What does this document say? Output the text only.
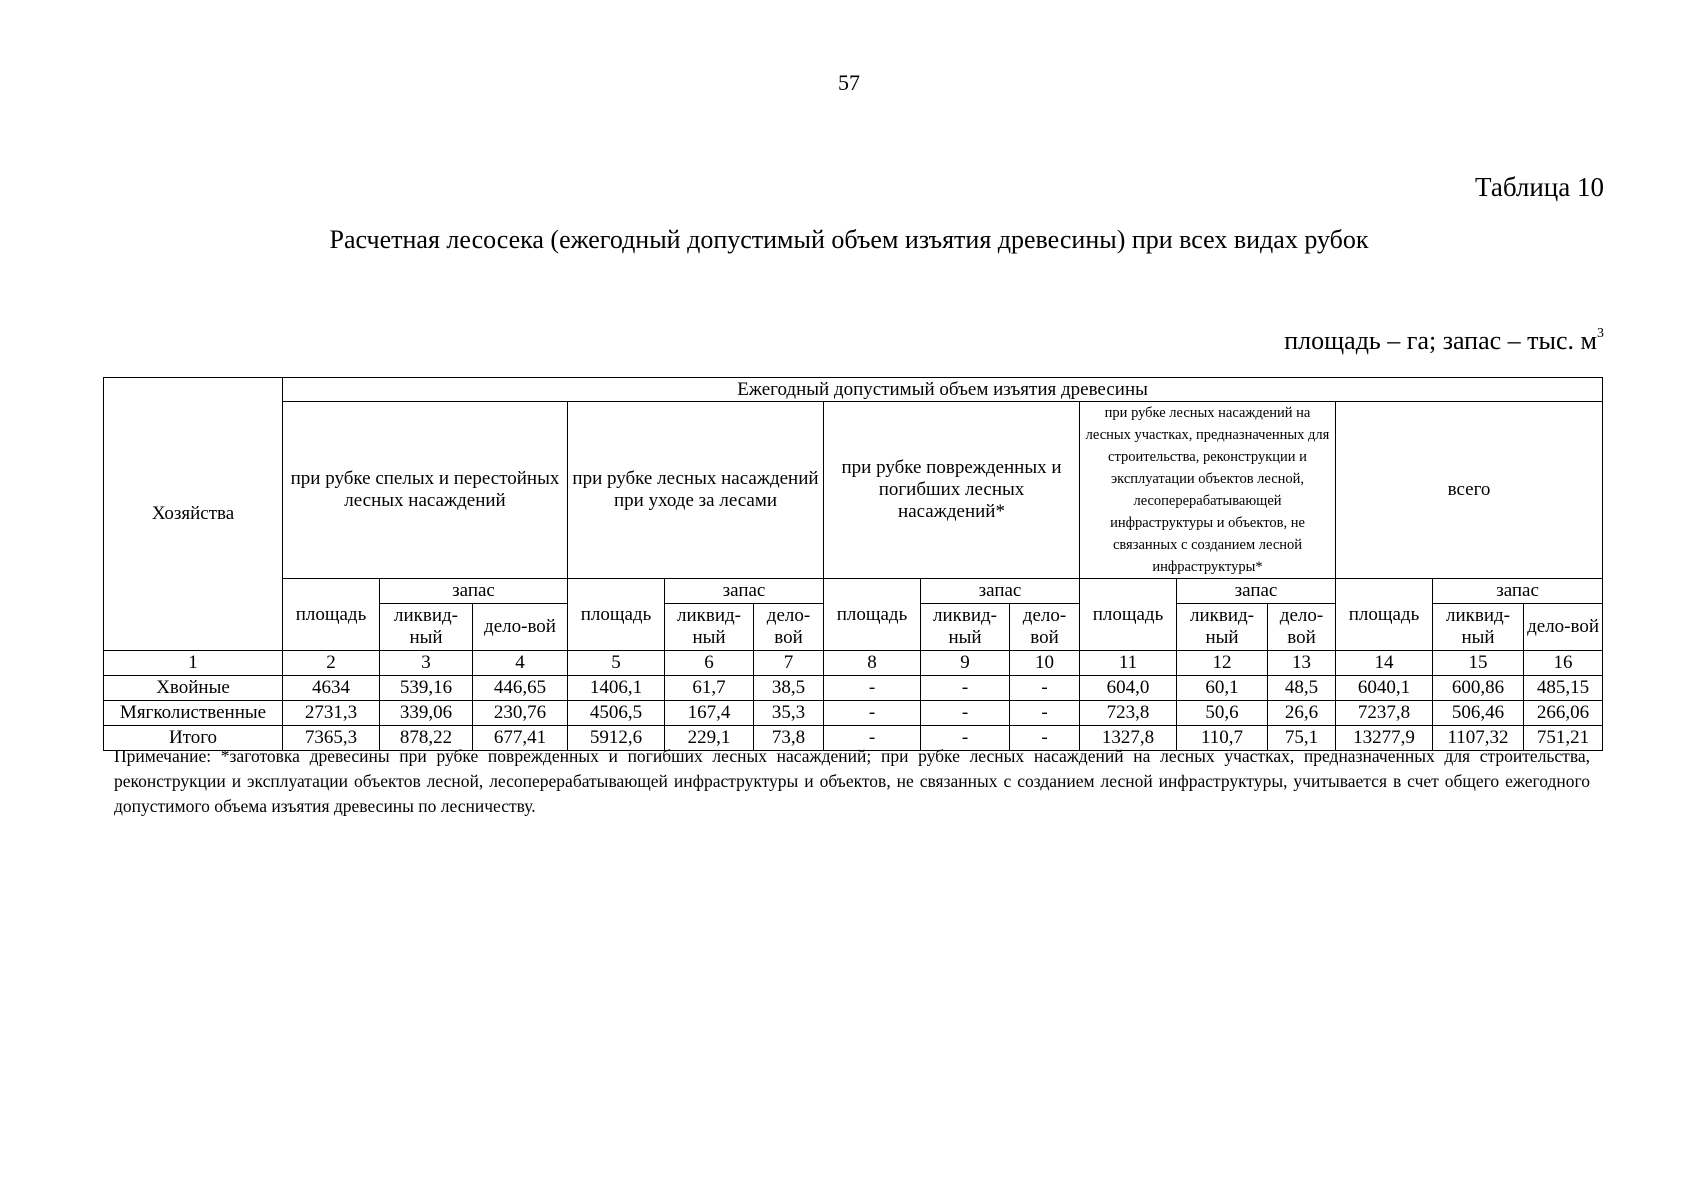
57
Таблица 10
Расчетная лесосека (ежегодный допустимый объем изъятия древесины) при всех видах рубок
площадь – га; запас – тыс. $м^3$
Хозяйства	Ежегодный допустимый объем изъятия древесины														
	при рубке спелых и перестойных лесных насаждений			при рубке лесных насаждений при уходе за лесами			при рубке поврежденных и погибших лесных насаждений*			при рубке лесных насаждений на лесных участках, предназначенных для строительства, реконструкции и эксплуатации объектов лесной, лесоперерабатывающей инфраструктуры и объектов, не связанных с созданием лесной инфраструктуры*			всего		
	площадь	запас		площадь	запас		площадь	запас		площадь	запас		площадь	запас	
		ликвид-ный	дело-вой		ликвид-ный	дело-вой		ликвид-ный	дело-вой		ликвид-ный	дело-вой		ликвид-ный	дело-вой
1	2	3	4	5	6	7	8	9	10	11	12	13	14	15	16
Хвойные	4634	539,16	446,65	1406,1	61,7	38,5	-	-	-	604,0	60,1	48,5	6040,1	600,86	485,15
Мягколиственные	2731,3	339,06	230,76	4506,5	167,4	35,3	-	-	-	723,8	50,6	26,6	7237,8	506,46	266,06
Итого	7365,3	878,22	677,41	5912,6	229,1	73,8	-	-	-	1327,8	110,7	75,1	13277,9	1107,32	751,21
Примечание: *заготовка древесины при рубке поврежденных и погибших лесных насаждений; при рубке лесных насаждений на лесных участках, предназначенных для строительства, реконструкции и эксплуатации объектов лесной, лесоперерабатывающей инфраструктуры и объектов, не связанных с созданием лесной инфраструктуры, учитывается в счет общего ежегодного допустимого объема изъятия древесины по лесничеству.
